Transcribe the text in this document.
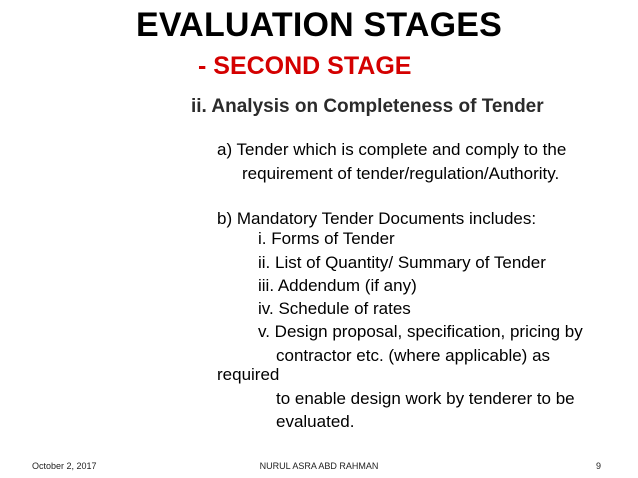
EVALUATION STAGES
- SECOND STAGE
ii. Analysis on Completeness of Tender
a) Tender which is complete and comply to the
requirement of tender/regulation/Authority.
b) Mandatory Tender Documents includes:
i. Forms of Tender
ii. List of Quantity/ Summary of Tender
iii. Addendum (if any)
iv. Schedule of rates
v. Design proposal, specification, pricing by
contractor etc. (where applicable) as
required
to enable design work by tenderer to be
evaluated.
October 2, 2017	NURUL ASRA ABD RAHMAN	9
